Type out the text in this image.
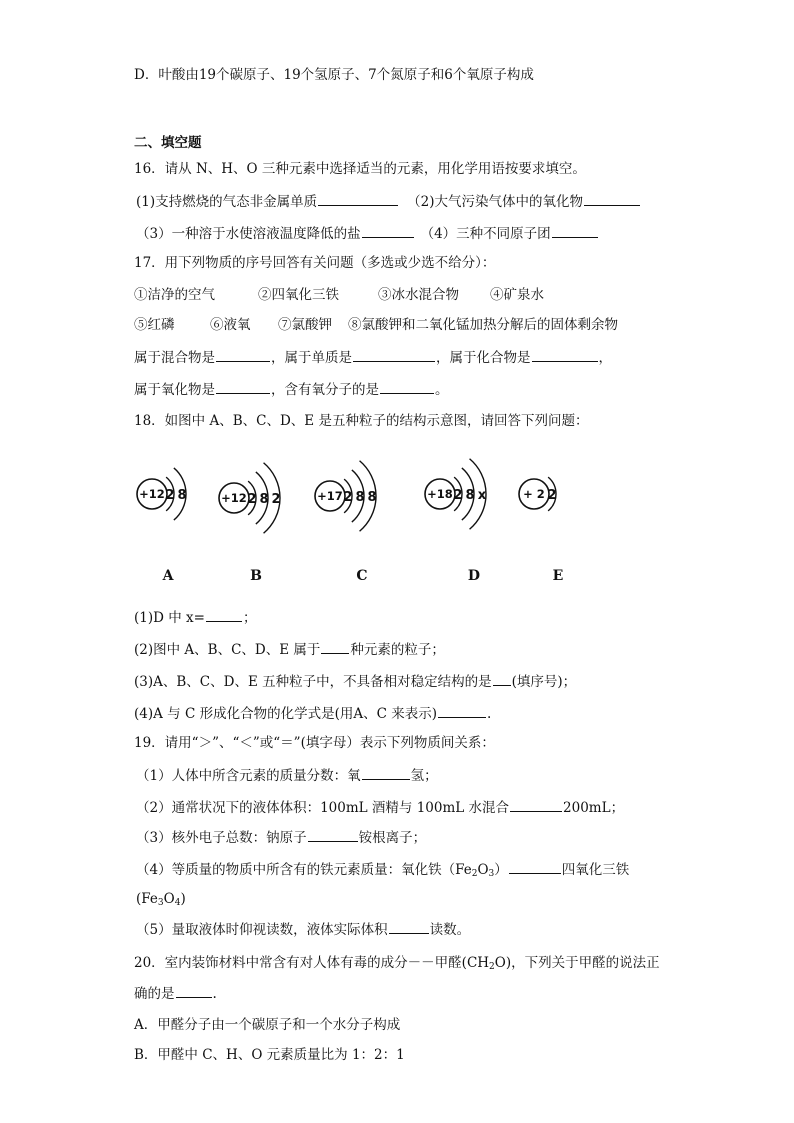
D．叶酸由19个碳原子、19个氢原子、7个氮原子和6个氧原子构成
二、填空题
16．请从 N、H、O 三种元素中选择适当的元素，用化学用语按要求填空。
(1)支持燃烧的气态非金属单质	（2)大气污染气体中的氧化物
（3）一种溶于水使溶液温度降低的盐	（4）三种不同原子团
17．用下列物质的序号回答有关问题（多选或少选不给分）：
①洁净的空气	②四氧化三铁	③冰水混合物 ④矿泉水
⑤红磷	⑥液氧 ⑦氯酸钾 ⑧氯酸钾和二氧化锰加热分解后的固体剩余物
属于混合物是	，属于单质是	，属于化合物是	，
属于氧化物是	，含有氧分子的是	。
18．如图中 A、B、C、D、E 是五种粒子的结构示意图，请回答下列问题：
+12 2 8
A
+12 2 8 2
B
+17 2 8 8
C
+18 2 8 x
D
+ 2 2
E
(1)D 中 x=	；
(2)图中 A、B、C、D、E 属于 种元素的粒子；
(3)A、B、C、D、E 五种粒子中，不具备相对稳定结构的是 (填序号)；
(4)A 与 C 形成化合物的化学式是(用A、C 来表示)	.
19．请用“＞”、“＜”或“＝”(填字母）表示下列物质间关系：
（1）人体中所含元素的质量分数：氧	氢；
（2）通常状况下的液体体积：100mL 酒精与 100mL 水混合	200mL；
（3）核外电子总数：钠原子	铵根离子；
（4）等质量的物质中所含有的铁元素质量：氧化铁$(Fe_2O_3)$	四氧化三铁
$(Fe_3O_4)$
（5）量取液体时仰视读数，液体实际体积	读数。
20．室内装饰材料中常含有对人体有毒的成分－－甲醛$(CH_2O)$，下列关于甲醛的说法正
确的是	.
A．甲醛分子由一个碳原子和一个水分子构成
B．甲醛中 C、H、O 元素质量比为 1：2：1
